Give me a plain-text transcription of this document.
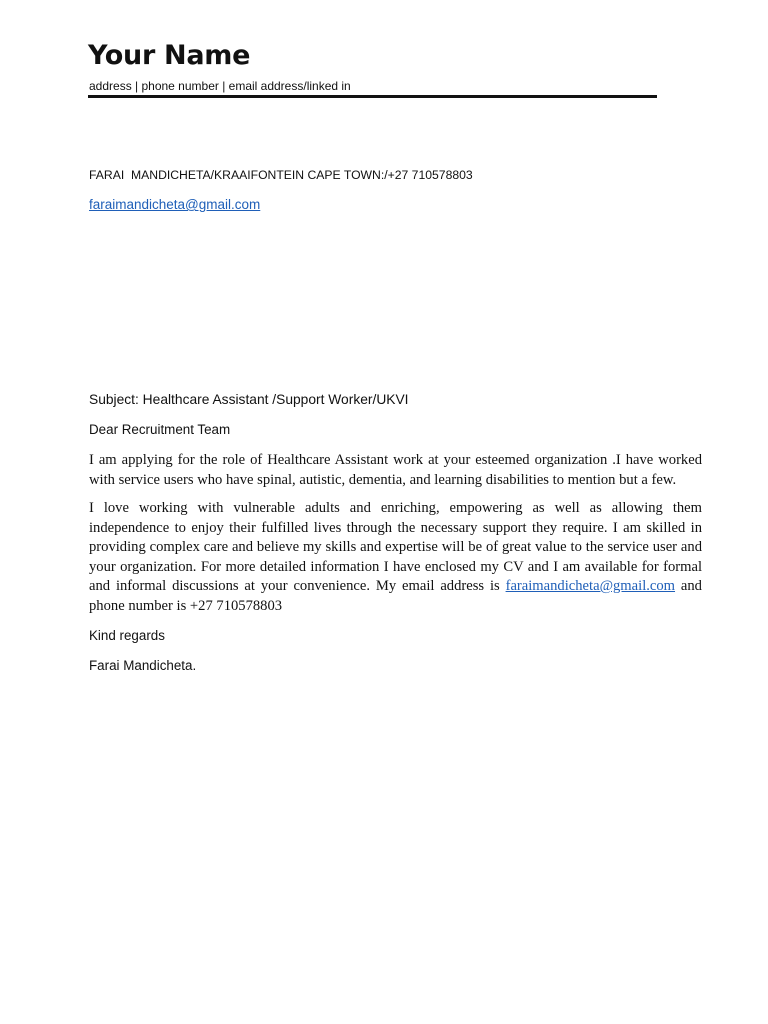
Your Name
address | phone number | email address/linked in
FARAI  MANDICHETA/KRAAIFONTEIN CAPE TOWN:/+27 710578803
faraimandicheta@gmail.com
Subject: Healthcare Assistant /Support Worker/UKVI
Dear Recruitment Team

I am applying for the role of Healthcare Assistant work at your esteemed organization .I have worked with service users who have spinal, autistic, dementia, and learning disabilities to mention but a few.

I love working with vulnerable adults and enriching, empowering as well as allowing them independence to enjoy their fulfilled lives through the necessary support they require. I am skilled in providing complex care and believe my skills and expertise will be of great value to the service user and your organization. For more detailed information I have enclosed my CV and I am available for formal and informal discussions at your convenience. My email address is faraimandicheta@gmail.com and phone number is +27 710578803

Kind regards
Farai Mandicheta.
